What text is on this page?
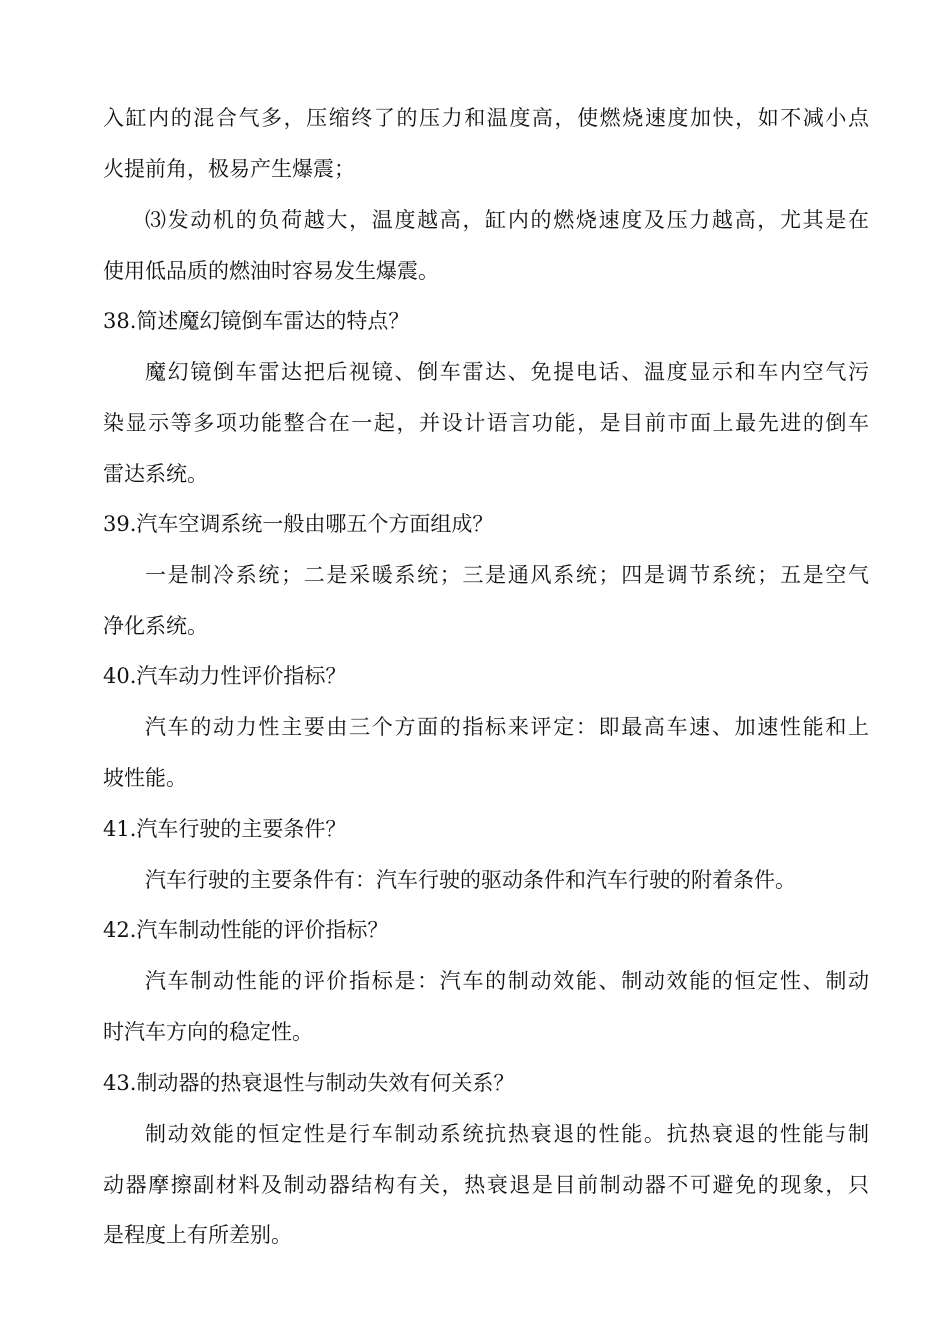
入缸内的混合气多，压缩终了的压力和温度高，使燃烧速度加快，如不减小点
火提前角，极易产生爆震；
⑶发动机的负荷越大，温度越高，缸内的燃烧速度及压力越高，尤其是在
使用低品质的燃油时容易发生爆震。
38.简述魔幻镜倒车雷达的特点？
魔幻镜倒车雷达把后视镜、倒车雷达、免提电话、温度显示和车内空气污
染显示等多项功能整合在一起，并设计语言功能，是目前市面上最先进的倒车
雷达系统。
39.汽车空调系统一般由哪五个方面组成？
一是制冷系统；二是采暖系统；三是通风系统；四是调节系统；五是空气
净化系统。
40.汽车动力性评价指标？
汽车的动力性主要由三个方面的指标来评定：即最高车速、加速性能和上
坡性能。
41.汽车行驶的主要条件？
汽车行驶的主要条件有：汽车行驶的驱动条件和汽车行驶的附着条件。
42.汽车制动性能的评价指标？
汽车制动性能的评价指标是：汽车的制动效能、制动效能的恒定性、制动
时汽车方向的稳定性。
43.制动器的热衰退性与制动失效有何关系？
制动效能的恒定性是行车制动系统抗热衰退的性能。抗热衰退的性能与制
动器摩擦副材料及制动器结构有关，热衰退是目前制动器不可避免的现象，只
是程度上有所差别。
